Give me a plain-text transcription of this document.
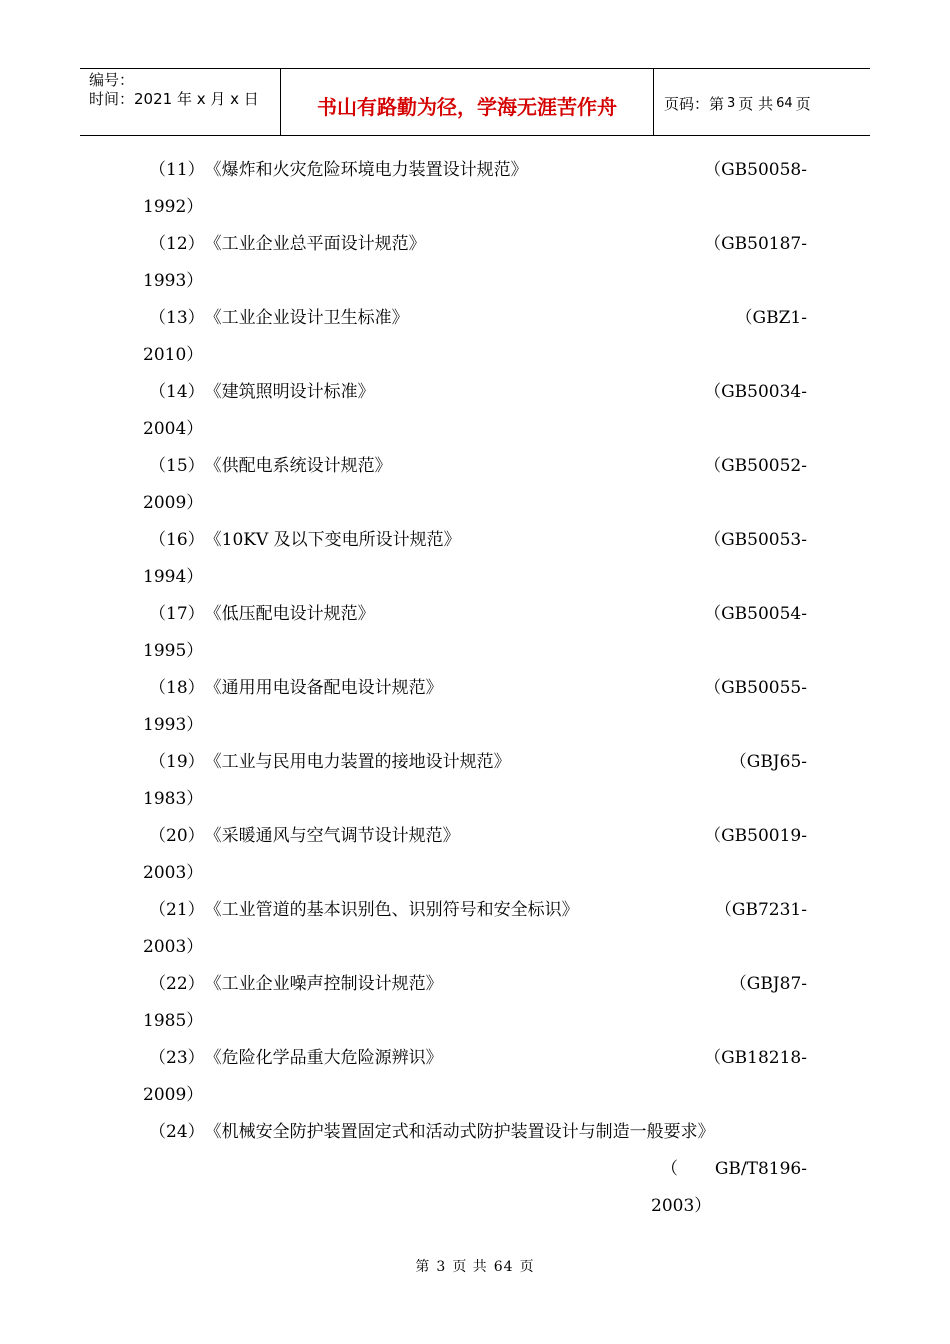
编号：
时间：2021 年 x 月 x 日	书山有路勤为径，学海无涯苦作舟	页码：第 3 页 共 64 页
（11）《爆炸和火灾危险环境电力装置设计规范》	（GB50058-
1992）
（12）《工业企业总平面设计规范》	（GB50187-
1993）
（13）《工业企业设计卫生标准》	（GBZ1-
2010）
（14）《建筑照明设计标准》	（GB50034-
2004）
（15）《供配电系统设计规范》	（GB50052-
2009）
（16）《10KV 及以下变电所设计规范》	（GB50053-
1994）
（17）《低压配电设计规范》	（GB50054-
1995）
（18）《通用用电设备配电设计规范》	（GB50055-
1993）
（19）《工业与民用电力装置的接地设计规范》	（GBJ65-
1983）
（20）《采暖通风与空气调节设计规范》	（GB50019-
2003）
（21）《工业管道的基本识别色、识别符号和安全标识》	（GB7231-
2003）
（22）《工业企业噪声控制设计规范》	（GBJ87-
1985）
（23）《危险化学品重大危险源辨识》	（GB18218-
2009）
（24）《机械安全防护装置固定式和活动式防护装置设计与制造一般要求》
（ GB/T8196-
2003）
第 3 页 共 64 页
